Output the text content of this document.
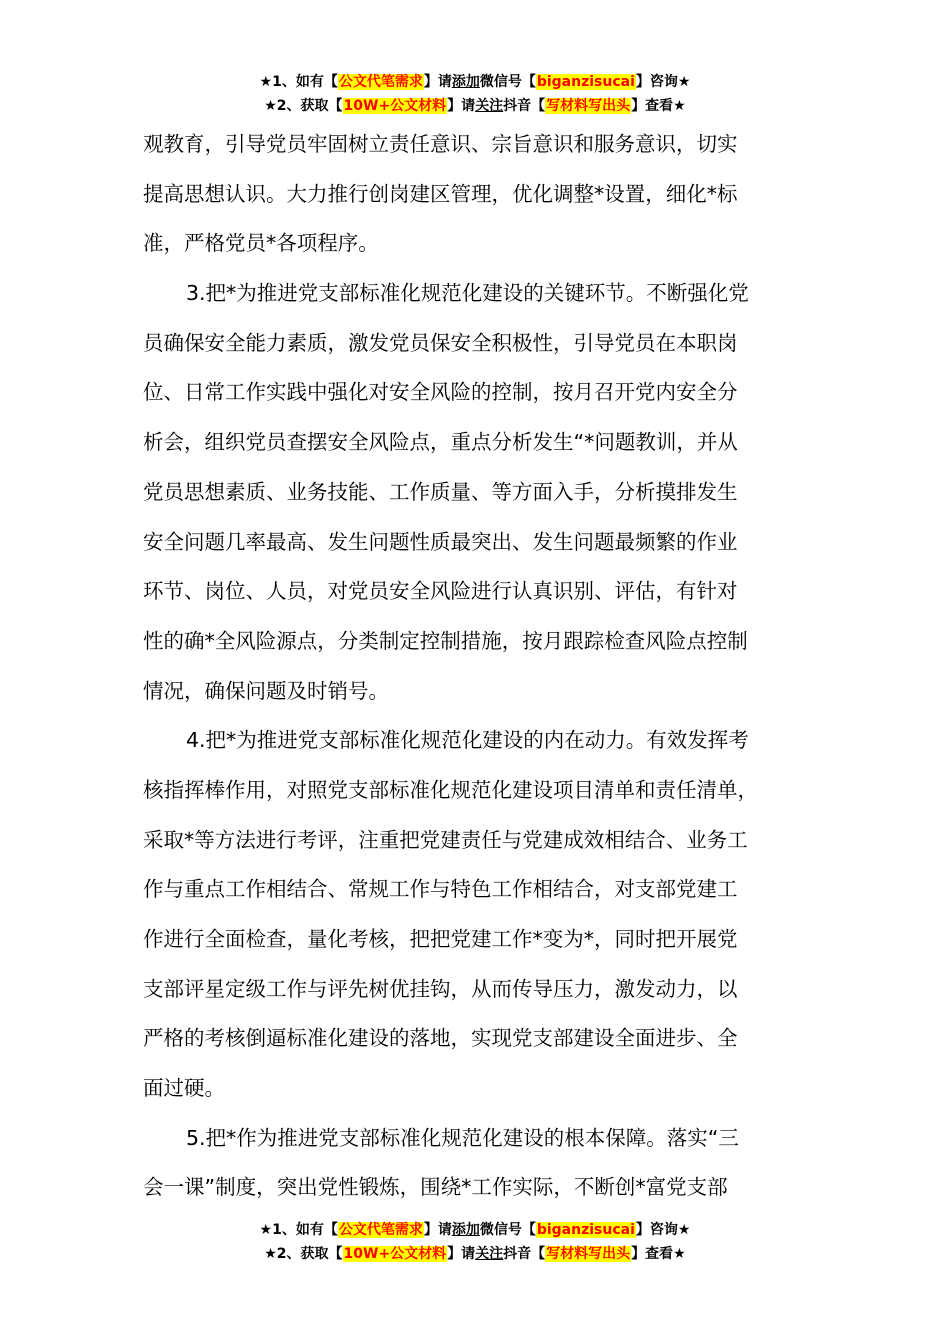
★1、如有【公文代笔需求】请添加微信号【biganzisucai】咨询★
★2、获取【10W+公文材料】请关注抖音【写材料写出头】查看★
观教育，引导党员牢固树立责任意识、宗旨意识和服务意识，切实
提高思想认识。大力推行创岗建区管理，优化调整*设置，细化*标
准，严格党员*各项程序。
3.把*为推进党支部标准化规范化建设的关键环节。不断强化党
员确保安全能力素质，激发党员保安全积极性，引导党员在本职岗
位、日常工作实践中强化对安全风险的控制，按月召开党内安全分
析会，组织党员查摆安全风险点，重点分析发生“*问题教训，并从
党员思想素质、业务技能、工作质量、等方面入手，分析摸排发生
安全问题几率最高、发生问题性质最突出、发生问题最频繁的作业
环节、岗位、人员，对党员安全风险进行认真识别、评估，有针对
性的确*全风险源点，分类制定控制措施，按月跟踪检查风险点控制
情况，确保问题及时销号。
4.把*为推进党支部标准化规范化建设的内在动力。有效发挥考
核指挥棒作用，对照党支部标准化规范化建设项目清单和责任清单，
采取*等方法进行考评，注重把党建责任与党建成效相结合、业务工
作与重点工作相结合、常规工作与特色工作相结合，对支部党建工
作进行全面检查，量化考核，把把党建工作*变为*，同时把开展党
支部评星定级工作与评先树优挂钩，从而传导压力，激发动力，以
严格的考核倒逼标准化建设的落地，实现党支部建设全面进步、全
面过硬。
5.把*作为推进党支部标准化规范化建设的根本保障。落实“三
会一课”制度，突出党性锻炼，围绕*工作实际，不断创*富党支部
★1、如有【公文代笔需求】请添加微信号【biganzisucai】咨询★
★2、获取【10W+公文材料】请关注抖音【写材料写出头】查看★
